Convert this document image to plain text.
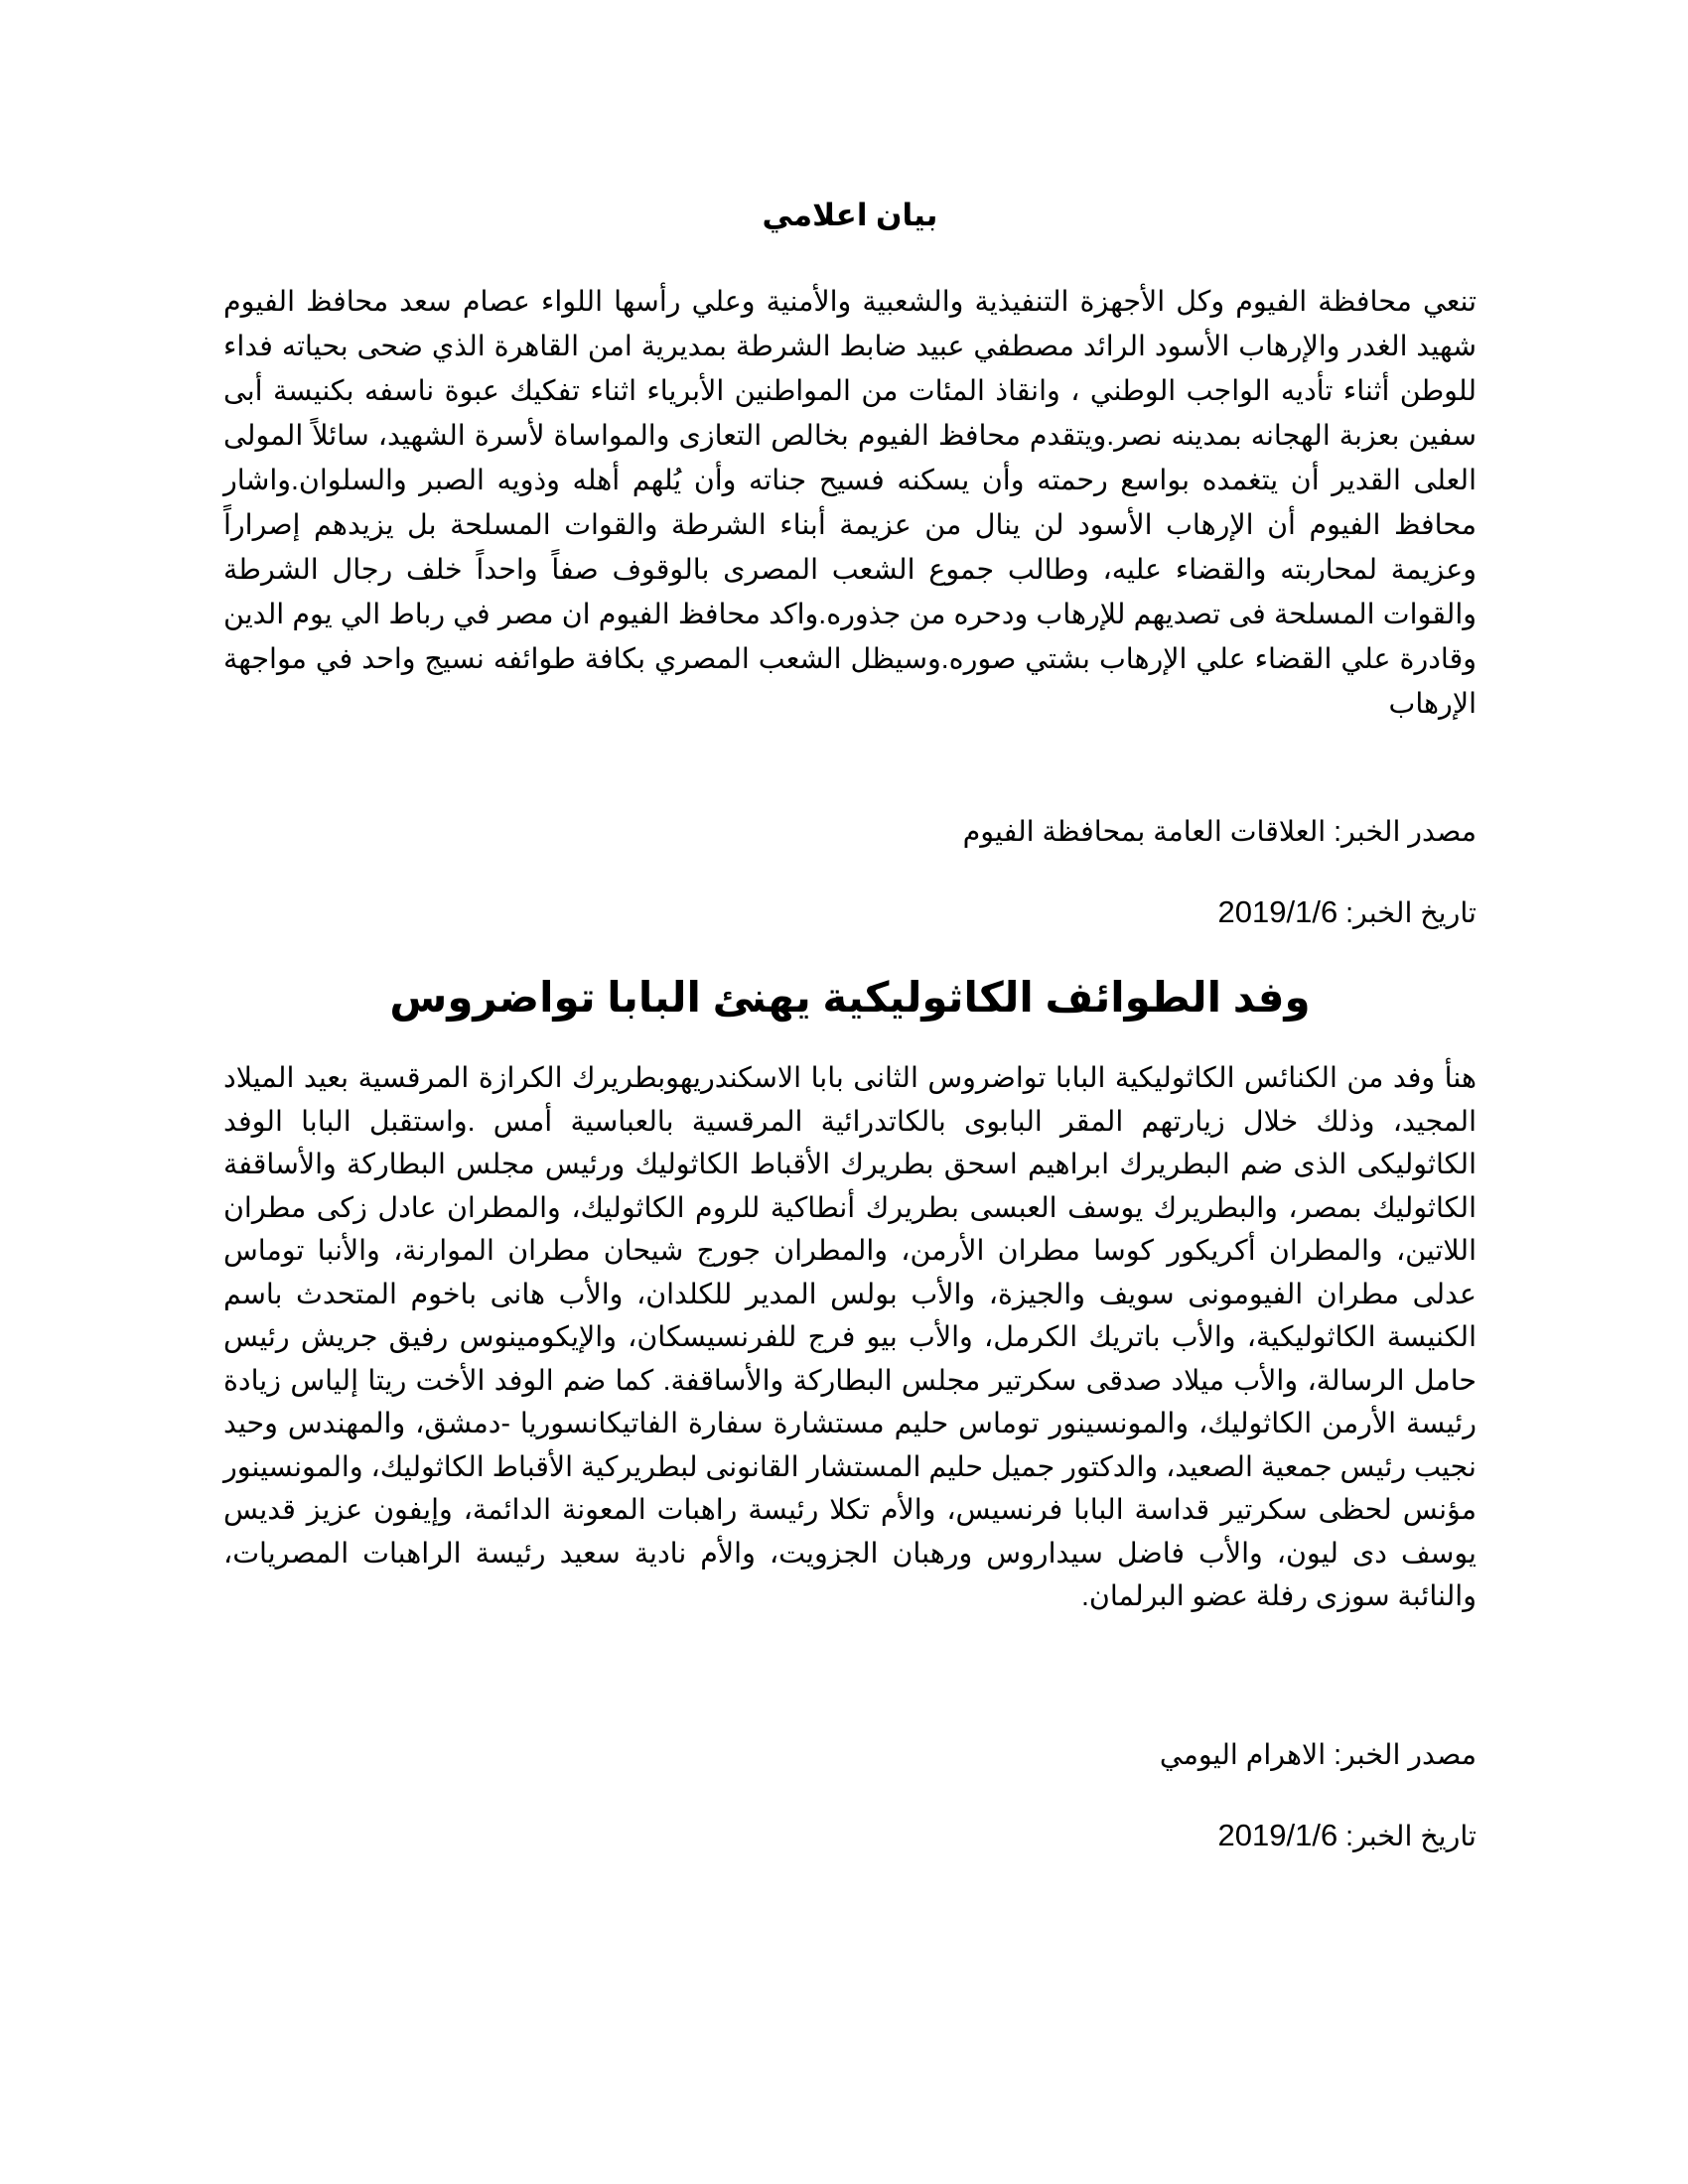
بيان اعلامي

تنعي محافظة الفيوم وكل الأجهزة التنفيذية والشعبية والأمنية وعلي رأسها اللواء عصام سعد محافظ الفيوم شهيد الغدر والإرهاب الأسود الرائد مصطفي عبيد ضابط الشرطة بمديرية امن القاهرة الذي ضحى بحياته فداء للوطن أثناء تأديه الواجب الوطني ، وانقاذ المئات من المواطنين الأبرياء اثناء تفكيك عبوة ناسفه بكنيسة أبى سفين بعزبة الهجانه بمدينه نصر.ويتقدم محافظ الفيوم بخالص التعازى والمواساة لأسرة الشهيد، سائلاً المولى العلى القدير أن يتغمده بواسع رحمته وأن يسكنه فسيح جناته وأن يُلهم أهله وذويه الصبر والسلوان.واشار محافظ الفيوم أن الإرهاب الأسود لن ينال من عزيمة أبناء الشرطة والقوات المسلحة بل يزيدهم إصراراً وعزيمة لمحاربته والقضاء عليه، وطالب جموع الشعب المصرى بالوقوف صفاً واحداً خلف رجال الشرطة والقوات المسلحة فى تصديهم للإرهاب ودحره من جذوره.واكد محافظ الفيوم ان مصر في رباط الي يوم الدين وقادرة علي القضاء علي الإرهاب بشتي صوره.وسيظل الشعب المصري بكافة طوائفه نسيج واحد في مواجهة الإرهاب

مصدر الخبر: العلاقات العامة بمحافظة الفيوم

تاريخ الخبر: 2019/1/6

وفد الطوائف الكاثوليكية يهنئ البابا تواضروس

هنأ وفد من الكنائس الكاثوليكية البابا تواضروس الثانى بابا الاسكندريهوبطريرك الكرازة المرقسية بعيد الميلاد المجيد، وذلك خلال زيارتهم المقر البابوى بالكاتدرائية المرقسية بالعباسية أمس .واستقبل البابا الوفد الكاثوليكى الذى ضم البطريرك ابراهيم اسحق بطريرك الأقباط الكاثوليك ورئيس مجلس البطاركة والأساقفة الكاثوليك بمصر، والبطريرك يوسف العبسى بطريرك أنطاكية للروم الكاثوليك، والمطران عادل زكى مطران اللاتين، والمطران أكريكور كوسا مطران الأرمن، والمطران جورج شيحان مطران الموارنة، والأنبا توماس عدلى مطران الفيومونى سويف والجيزة، والأب بولس المدير للكلدان، والأب هانى باخوم المتحدث باسم الكنيسة الكاثوليكية، والأب باتريك الكرمل، والأب بيو فرج للفرنسيسكان، والإيكومينوس رفيق جريش رئيس حامل الرسالة، والأب ميلاد صدقى سكرتير مجلس البطاركة والأساقفة. كما ضم الوفد الأخت ريتا إلياس زيادة رئيسة الأرمن الكاثوليك، والمونسينور توماس حليم مستشارة سفارة الفاتيكانسوريا -دمشق، والمهندس وحيد نجيب رئيس جمعية الصعيد، والدكتور جميل حليم المستشار القانونى لبطريركية الأقباط الكاثوليك، والمونسينور مؤنس لحظى سكرتير قداسة البابا فرنسيس، والأم تكلا رئيسة راهبات المعونة الدائمة، وإيفون عزيز قديس يوسف دى ليون، والأب فاضل سيداروس ورهبان الجزويت، والأم نادية سعيد رئيسة الراهبات المصريات، والنائبة سوزى رفلة عضو البرلمان.

مصدر الخبر: الاهرام اليومي

تاريخ الخبر: 2019/1/6
